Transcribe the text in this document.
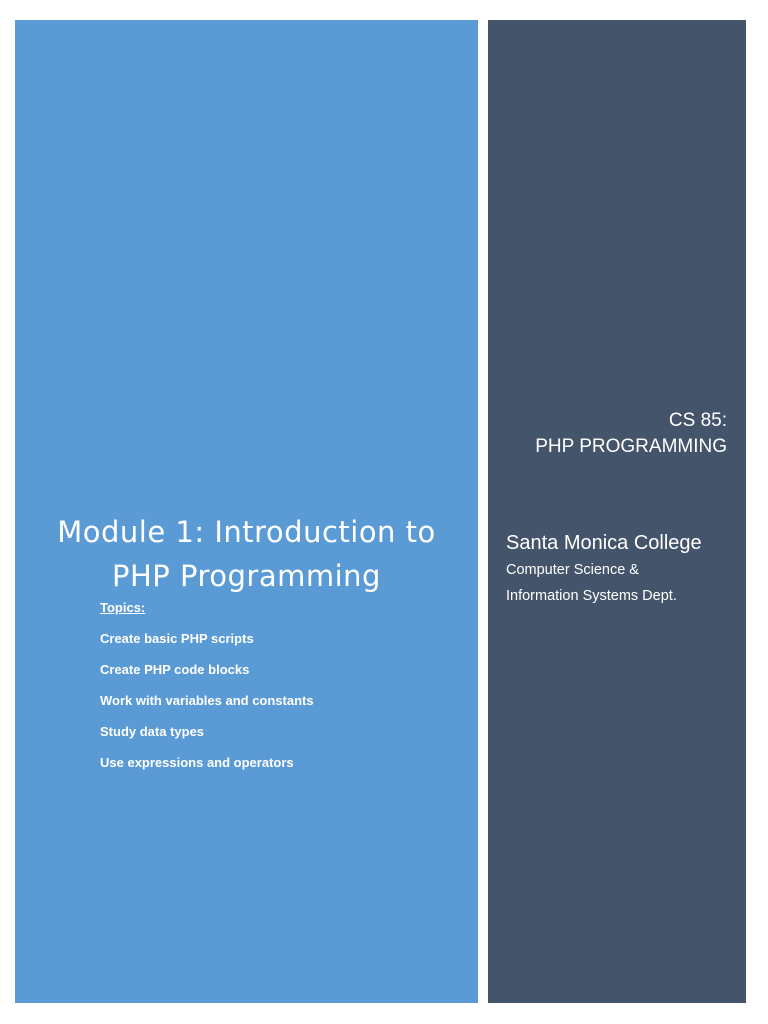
Module 1: Introduction to
PHP Programming
Topics:
Create basic PHP scripts
Create PHP code blocks
Work with variables and constants
Study data types
Use expressions and operators
CS 85:
PHP PROGRAMMING
Santa Monica College
Computer Science &
Information Systems Dept.
